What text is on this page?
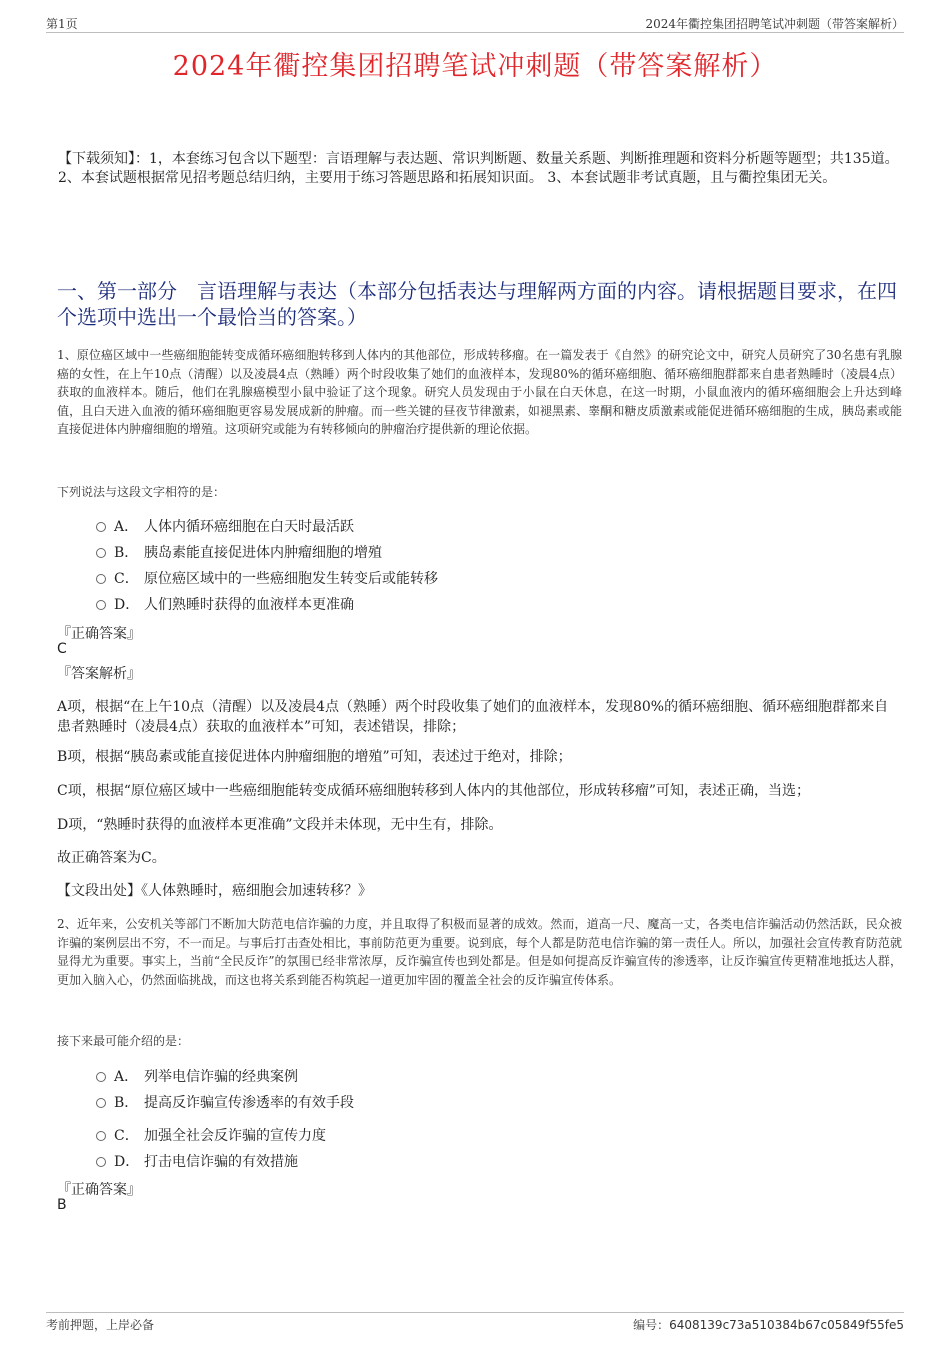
第1页	2024年衢控集团招聘笔试冲刺题（带答案解析）
2024年衢控集团招聘笔试冲刺题（带答案解析）
【下载须知】：1，本套练习包含以下题型：言语理解与表达题、常识判断题、数量关系题、判断推理题和资料分析题等题型；共135道。 2、本套试题根据常见招考题总结归纳，主要用于练习答题思路和拓展知识面。 3、本套试题非考试真题，且与衢控集团无关。
一、第一部分　言语理解与表达（本部分包括表达与理解两方面的内容。请根据题目要求，在四个选项中选出一个最恰当的答案。）
1、原位癌区域中一些癌细胞能转变成循环癌细胞转移到人体内的其他部位，形成转移瘤。在一篇发表于《自然》的研究论文中，研究人员研究了30名患有乳腺癌的女性，在上午10点（清醒）以及凌晨4点（熟睡）两个时段收集了她们的血液样本，发现80%的循环癌细胞、循环癌细胞群都来自患者熟睡时（凌晨4点）获取的血液样本。随后，他们在乳腺癌模型小鼠中验证了这个现象。研究人员发现由于小鼠在白天休息，在这一时期，小鼠血液内的循环癌细胞会上升达到峰值，且白天进入血液的循环癌细胞更容易发展成新的肿瘤。而一些关键的昼夜节律激素，如褪黑素、睾酮和糖皮质激素或能促进循环癌细胞的生成，胰岛素或能直接促进体内肿瘤细胞的增殖。这项研究或能为有转移倾向的肿瘤治疗提供新的理论依据。
下列说法与这段文字相符的是：
A． 人体内循环癌细胞在白天时最活跃
B． 胰岛素能直接促进体内肿瘤细胞的增殖
C． 原位癌区域中的一些癌细胞发生转变后或能转移
D． 人们熟睡时获得的血液样本更准确
『正确答案』
C
『答案解析』
A项，根据“在上午10点（清醒）以及凌晨4点（熟睡）两个时段收集了她们的血液样本，发现80%的循环癌细胞、循环癌细胞群都来自患者熟睡时（凌晨4点）获取的血液样本”可知，表述错误，排除；
B项，根据“胰岛素或能直接促进体内肿瘤细胞的增殖”可知，表述过于绝对，排除；
C项，根据“原位癌区域中一些癌细胞能转变成循环癌细胞转移到人体内的其他部位，形成转移瘤”可知，表述正确，当选；
D项，“熟睡时获得的血液样本更准确”文段并未体现，无中生有，排除。
故正确答案为C。
【文段出处】《人体熟睡时，癌细胞会加速转移？》
2、近年来，公安机关等部门不断加大防范电信诈骗的力度，并且取得了积极而显著的成效。然而，道高一尺、魔高一丈，各类电信诈骗活动仍然活跃，民众被诈骗的案例层出不穷，不一而足。与事后打击查处相比，事前防范更为重要。说到底，每个人都是防范电信诈骗的第一责任人。所以，加强社会宣传教育防范就显得尤为重要。事实上，当前“全民反诈”的氛围已经非常浓厚，反诈骗宣传也到处都是。但是如何提高反诈骗宣传的渗透率，让反诈骗宣传更精准地抵达人群，更加入脑入心，仍然面临挑战，而这也将关系到能否构筑起一道更加牢固的覆盖全社会的反诈骗宣传体系。
接下来最可能介绍的是：
A． 列举电信诈骗的经典案例
B． 提高反诈骗宣传渗透率的有效手段
C． 加强全社会反诈骗的宣传力度
D． 打击电信诈骗的有效措施
『正确答案』
B
考前押题，上岸必备	编号：6408139c73a510384b67c05849f55fe5
